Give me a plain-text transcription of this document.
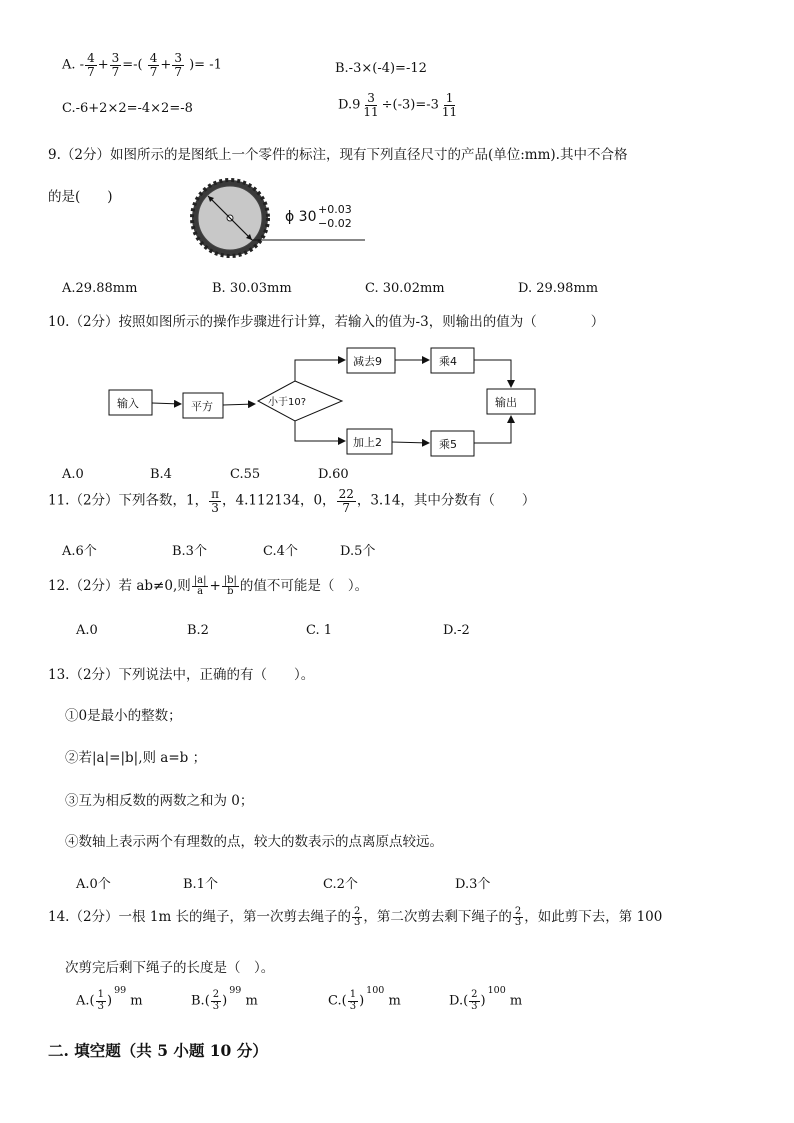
A. - $\frac{4}{7} + \frac{3}{7}$ =-( $\frac{4}{7} + \frac{3}{7}$ )= -1	B.-3×(-4)=-12
C.-6+2×2=-4×2=-8	$D.9 \frac{3}{11} \div(-3)=-3 \frac{1}{11}$
9.（2分）如图所示的是图纸上一个零件的标注，现有下列直径尺寸的产品(单位:mm).其中不合格
的是(　　)
ϕ 30 +0.03
−0.02
A.29.88mm	B. 30.03mm	C. 30.02mm	D. 29.98mm
10.（2分）按照如图所示的操作步骤进行计算，若输入的值为-3，则输出的值为（　　　　）
输入	平方	小于10?
减去9	乘4
加上2	乘5
输出
A.0	B.4	C.55	D.60
11.（2分）下列各数，1， $\frac{\pi}{3}$ ，4.112134，0， $\frac{22}{7}$ ，3.14，其中分数有（　　）
A.6个	B.3个	C.4个	D.5个
12.（2分）若 ab≠0,则 $\frac{|a|}{a} + \frac{|b|}{b}$ 的值不可能是（　）。
A.0	B.2	C. 1	D.-2
13.（2分）下列说法中，正确的有（　　）。
①0是最小的整数；
②若|a|=|b|,则 a=b ；
③互为相反数的两数之和为 0；
④数轴上表示两个有理数的点，较大的数表示的点离原点较远。
A.0个	B.1个	C.2个	D.3个
14.（2分）一根 1m 长的绳子，第一次剪去绳子的 $\frac{2}{3}$ ，第二次剪去剩下绳子的 $\frac{2}{3}$ ，如此剪下去，第 100
次剪完后剩下绳子的长度是（　）。
$A.( \frac{1}{3} )^{99}$ m	$B.( \frac{2}{3} )^{99}$ m	$C.( \frac{1}{3} )^{100}$ m	$D.( \frac{2}{3} )^{100}$ m
二. 填空题（共 5 小题 10 分）
